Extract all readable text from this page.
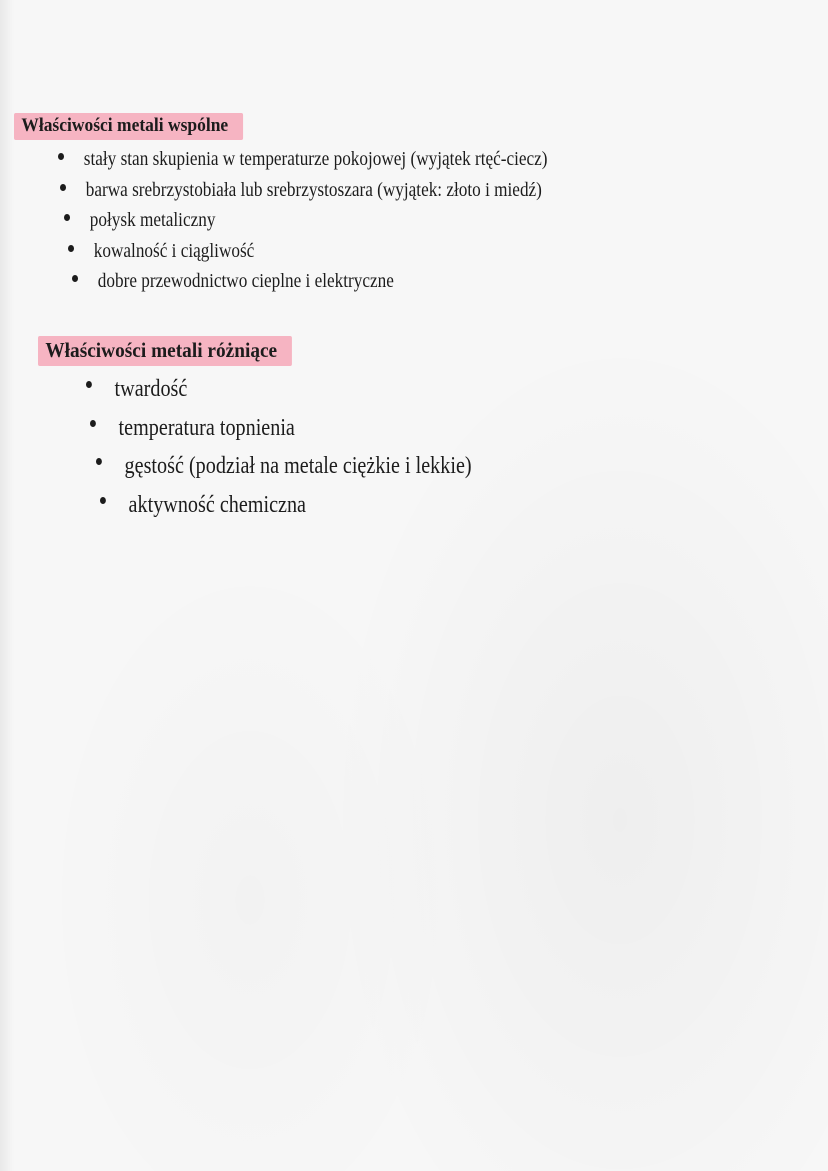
Właściwości metali wspólne
stały stan skupienia w temperaturze pokojowej (wyjątek rtęć-ciecz)
barwa srebrzystobiała lub srebrzystoszara (wyjątek: złoto i miedź)
połysk metaliczny
kowalność i ciągliwość
dobre przewodnictwo cieplne i elektryczne
Właściwości metali różniące
twardość
temperatura topnienia
gęstość (podział na metale ciężkie i lekkie)
aktywność chemiczna
